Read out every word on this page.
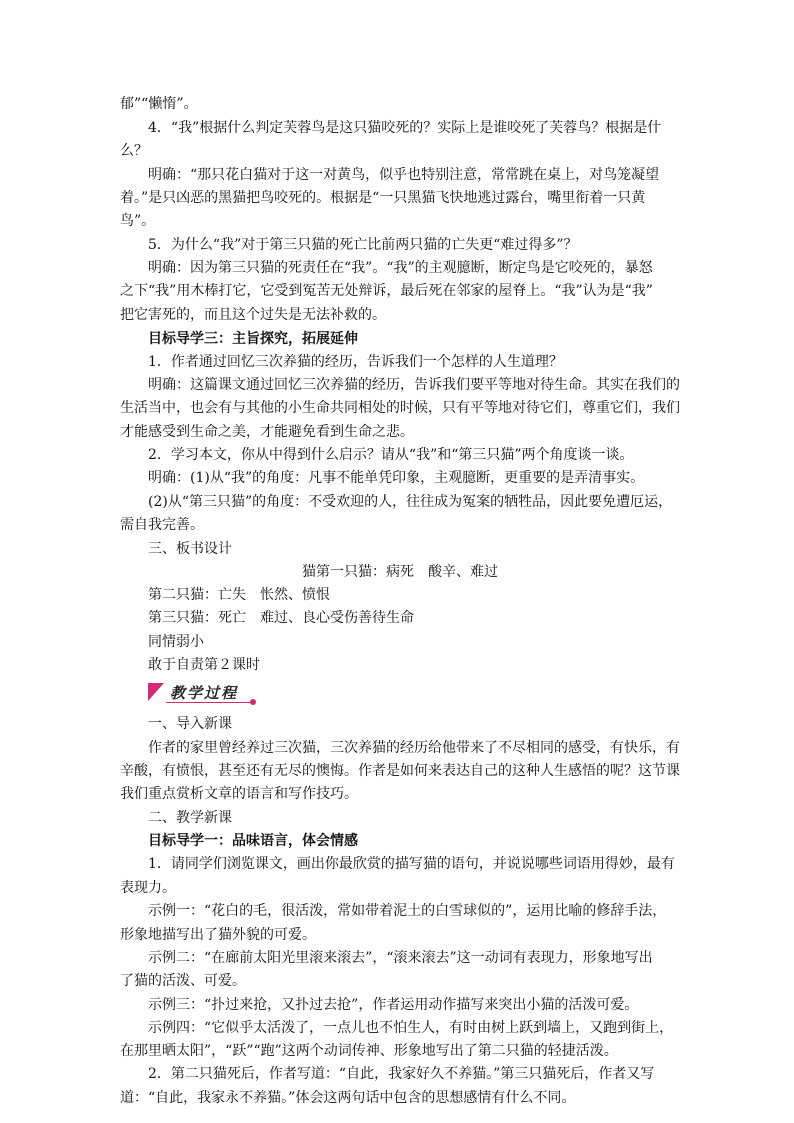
郁”“懒惰”。
4．“我”根据什么判定芙蓉鸟是这只猫咬死的？实际上是谁咬死了芙蓉鸟？根据是什
么？
明确：“那只花白猫对于这一对黄鸟，似乎也特别注意，常常跳在桌上，对鸟笼凝望
着。”是只凶恶的黑猫把鸟咬死的。根据是“一只黑猫飞快地逃过露台，嘴里衔着一只黄
鸟”。
5．为什么“我”对于第三只猫的死亡比前两只猫的亡失更“难过得多”？
明确：因为第三只猫的死责任在“我”。“我”的主观臆断，断定鸟是它咬死的，暴怒
之下“我”用木棒打它，它受到冤苦无处辩诉，最后死在邻家的屋脊上。“我”认为是“我”
把它害死的，而且这个过失是无法补救的。
目标导学三：主旨探究，拓展延伸
1．作者通过回忆三次养猫的经历，告诉我们一个怎样的人生道理？
明确：这篇课文通过回忆三次养猫的经历，告诉我们要平等地对待生命。其实在我们的
生活当中，也会有与其他的小生命共同相处的时候，只有平等地对待它们，尊重它们，我们
才能感受到生命之美，才能避免看到生命之悲。
2．学习本文，你从中得到什么启示？请从“我”和“第三只猫”两个角度谈一谈。
明确：(1)从“我”的角度：凡事不能单凭印象，主观臆断，更重要的是弄清事实。
(2)从“第三只猫”的角度：不受欢迎的人，往往成为冤案的牺牲品，因此要免遭厄运，
需自我完善。
三、板书设计
猫第一只猫：病死　酸辛、难过
第二只猫：亡失　怅然、愤恨
第三只猫：死亡　难过、良心受伤善待生命
同情弱小
敢于自责第２课时
教学过程
一、导入新课
作者的家里曾经养过三次猫，三次养猫的经历给他带来了不尽相同的感受，有快乐，有
辛酸，有愤恨，甚至还有无尽的懊悔。作者是如何来表达自己的这种人生感悟的呢？这节课
我们重点赏析文章的语言和写作技巧。
二、教学新课
目标导学一：品味语言，体会情感
1．请同学们浏览课文，画出你最欣赏的描写猫的语句，并说说哪些词语用得妙，最有
表现力。
示例一：“花白的毛，很活泼，常如带着泥土的白雪球似的”，运用比喻的修辞手法，
形象地描写出了猫外貌的可爱。
示例二：“在廊前太阳光里滚来滚去”，“滚来滚去”这一动词有表现力，形象地写出
了猫的活泼、可爱。
示例三：“扑过来抢，又扑过去抢”，作者运用动作描写来突出小猫的活泼可爱。
示例四：“它似乎太活泼了，一点儿也不怕生人，有时由树上跃到墙上，又跑到街上，
在那里晒太阳”，“跃”“跑”这两个动词传神、形象地写出了第二只猫的轻捷活泼。
2．第二只猫死后，作者写道：“自此，我家好久不养猫。”第三只猫死后，作者又写
道：“自此，我家永不养猫。”体会这两句话中包含的思想感情有什么不同。
